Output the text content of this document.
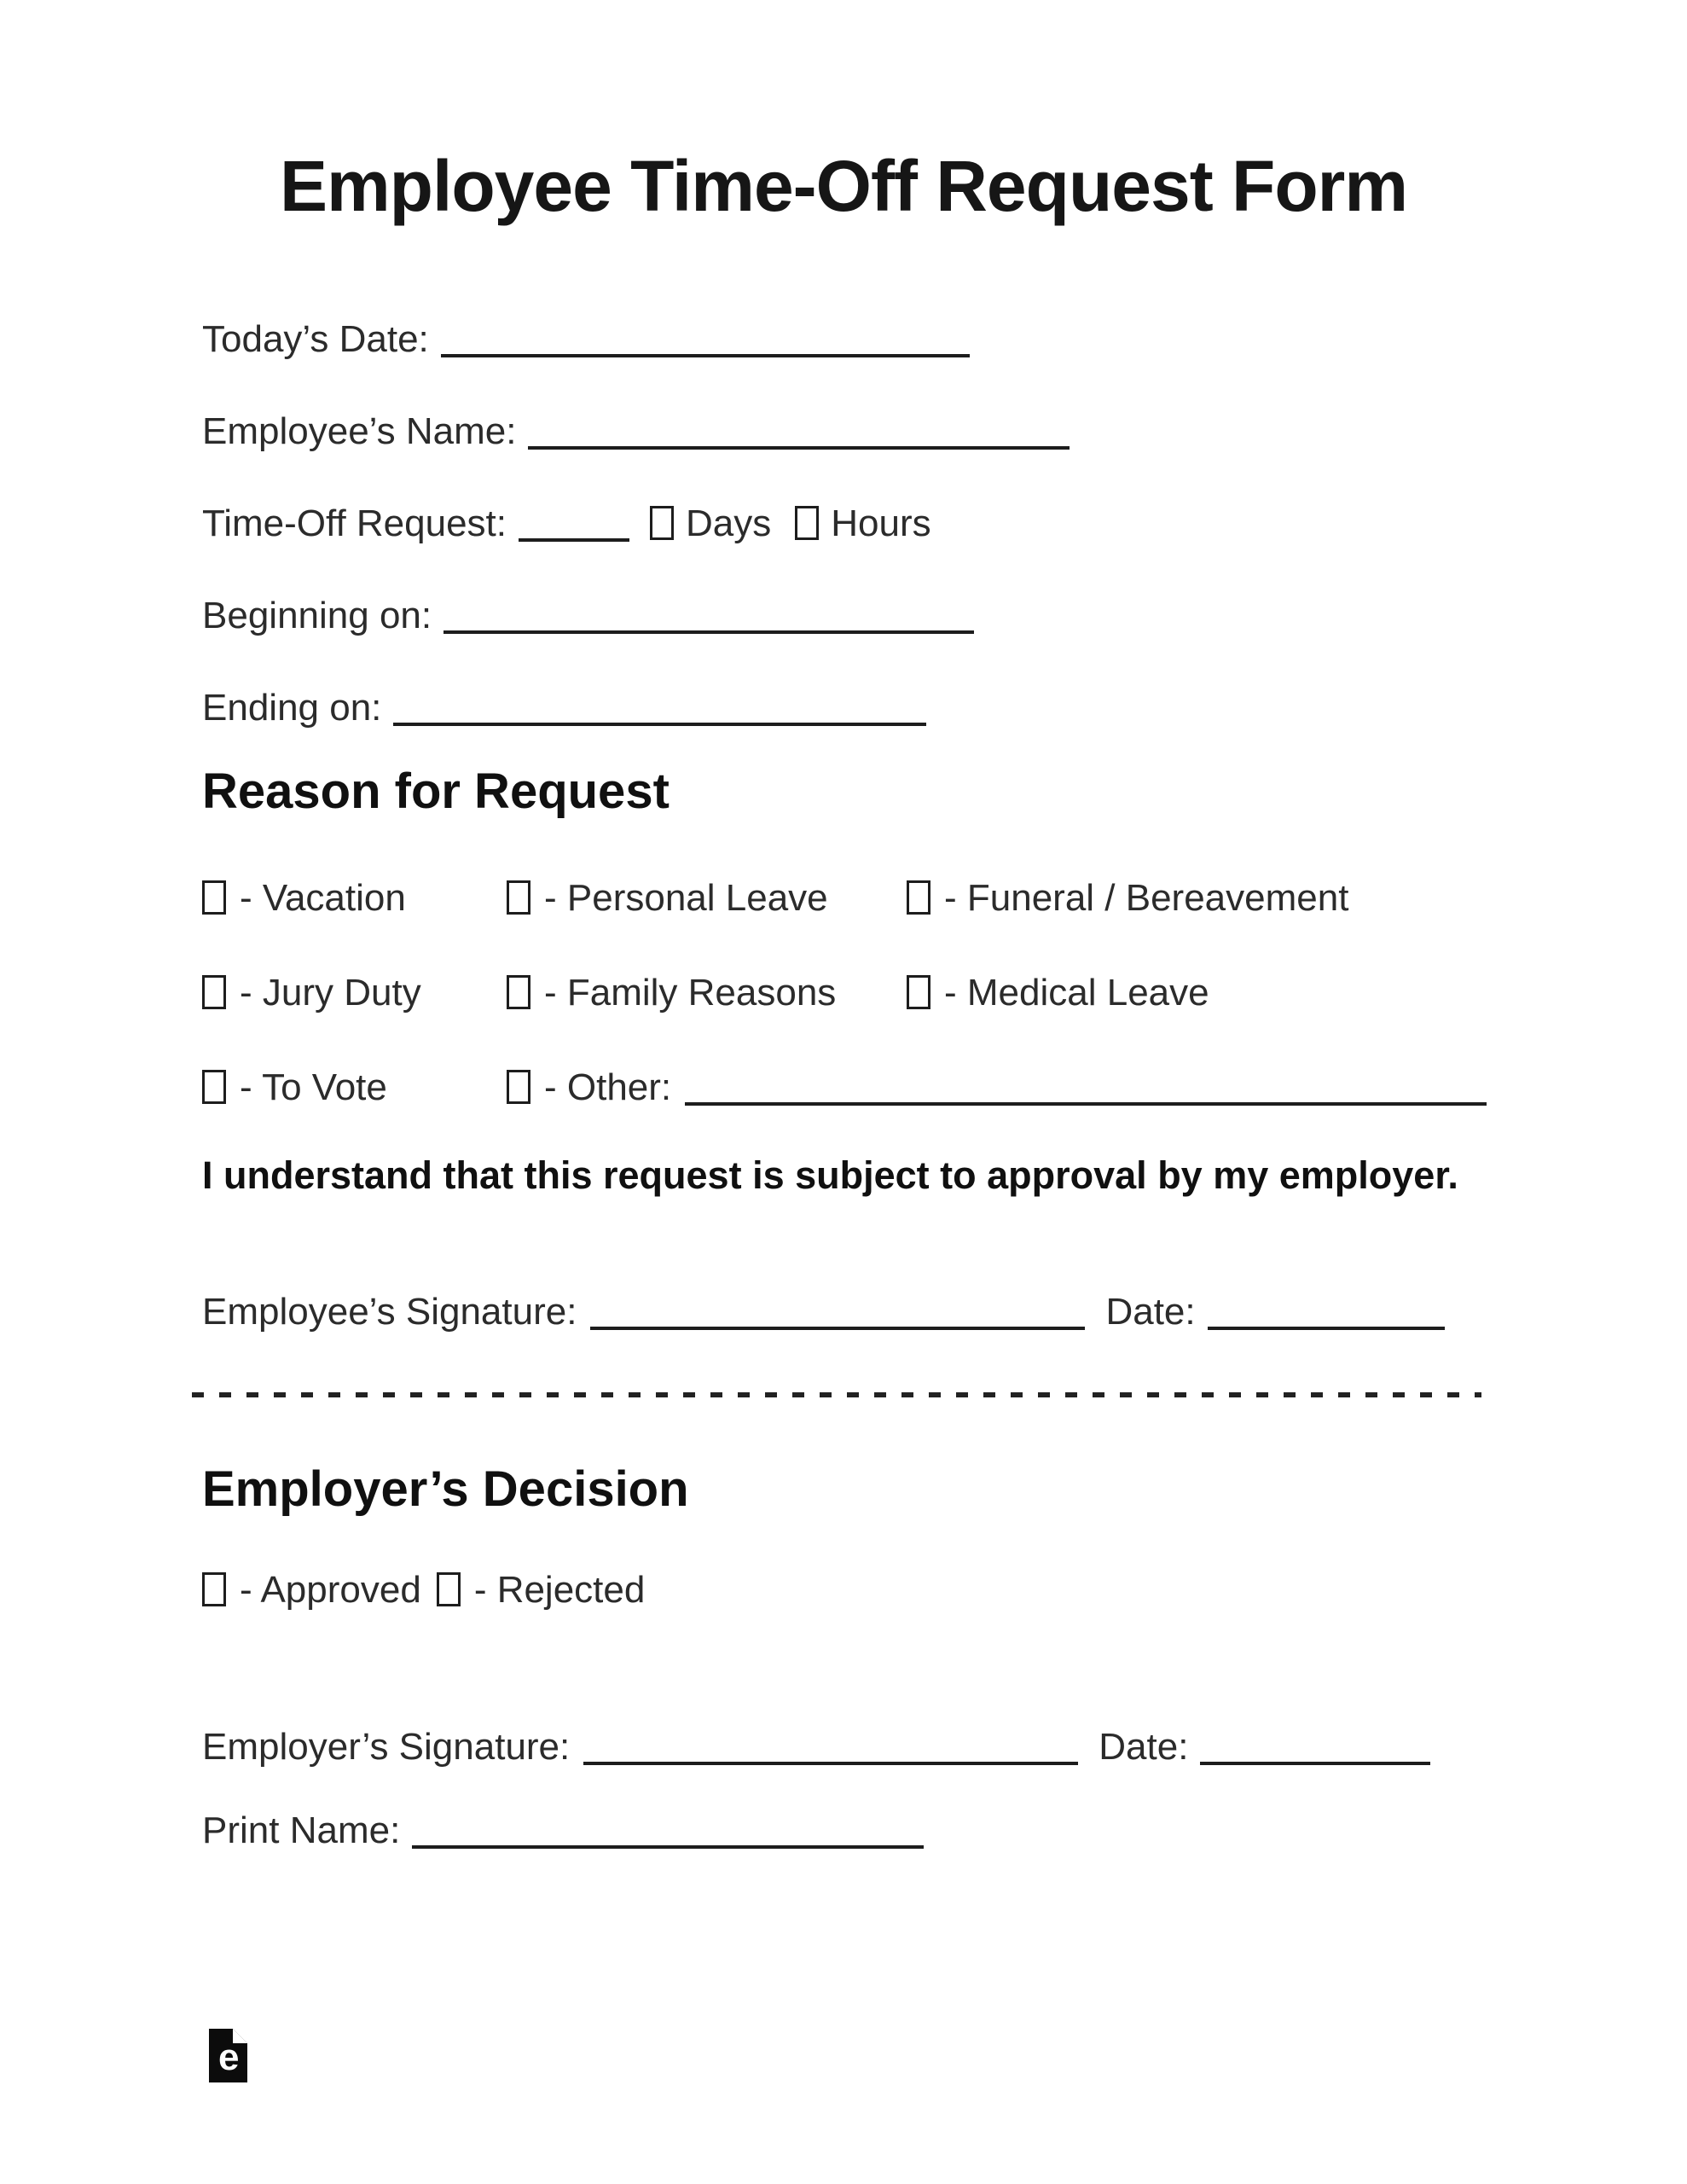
Employee Time-Off Request Form
Today’s Date:
Employee’s Name:
Time-Off Request:	Days Hours
Beginning on:
Ending on:
Reason for Request
- Vacation	- Personal Leave	- Funeral / Bereavement
- Jury Duty	- Family Reasons	- Medical Leave
- To Vote	- Other:

I understand that this request is subject to approval by my employer.

Employee’s Signature:	Date:
Employer’s Decision
- Approved - Rejected
Employer’s Signature:	Date:
Print Name:
e
